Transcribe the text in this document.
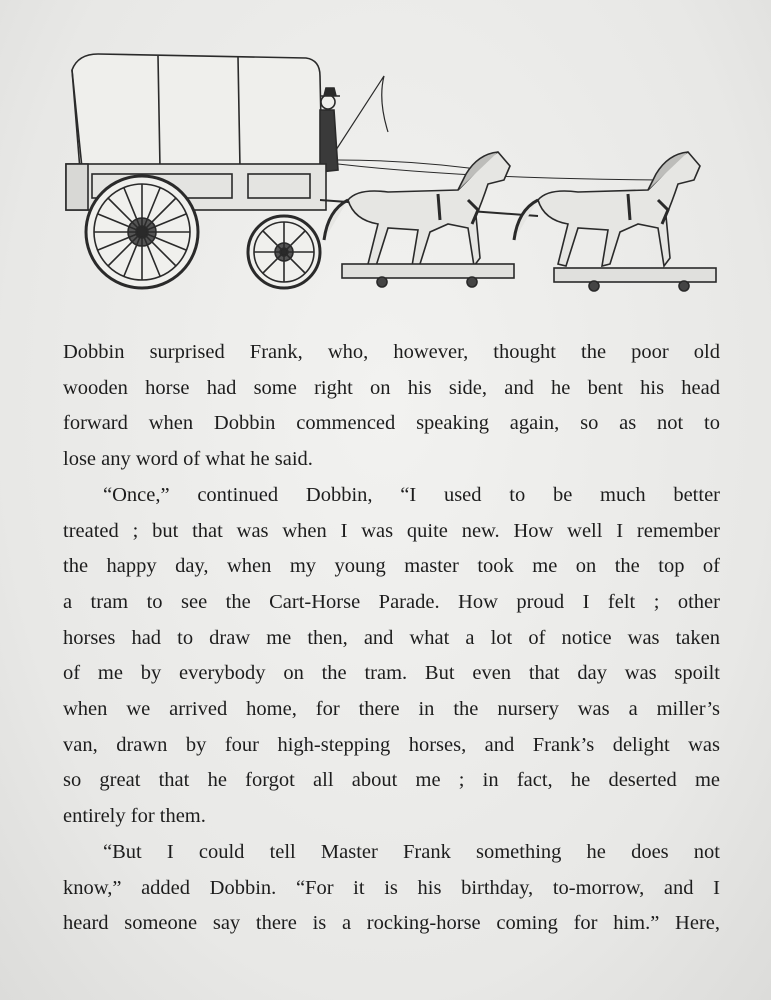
Dobbin surprised Frank, who, however, thought the poor old
wooden horse had some right on his side, and he bent his head
forward when Dobbin commenced speaking again, so as not to
lose any word of what he said.

“Once,” continued Dobbin, “I used to be much better
treated ; but that was when I was quite new. How well I remember
the happy day, when my young master took me on the top of
a tram to see the Cart-Horse Parade. How proud I felt ; other
horses had to draw me then, and what a lot of notice was taken
of me by everybody on the tram. But even that day was spoilt
when we arrived home, for there in the nursery was a miller’s
van, drawn by four high-stepping horses, and Frank’s delight was
so great that he forgot all about me ; in fact, he deserted me
entirely for them.

“But I could tell Master Frank something he does not
know,” added Dobbin. “For it is his birthday, to-morrow, and I
heard someone say there is a rocking-horse coming for him.” Here,
